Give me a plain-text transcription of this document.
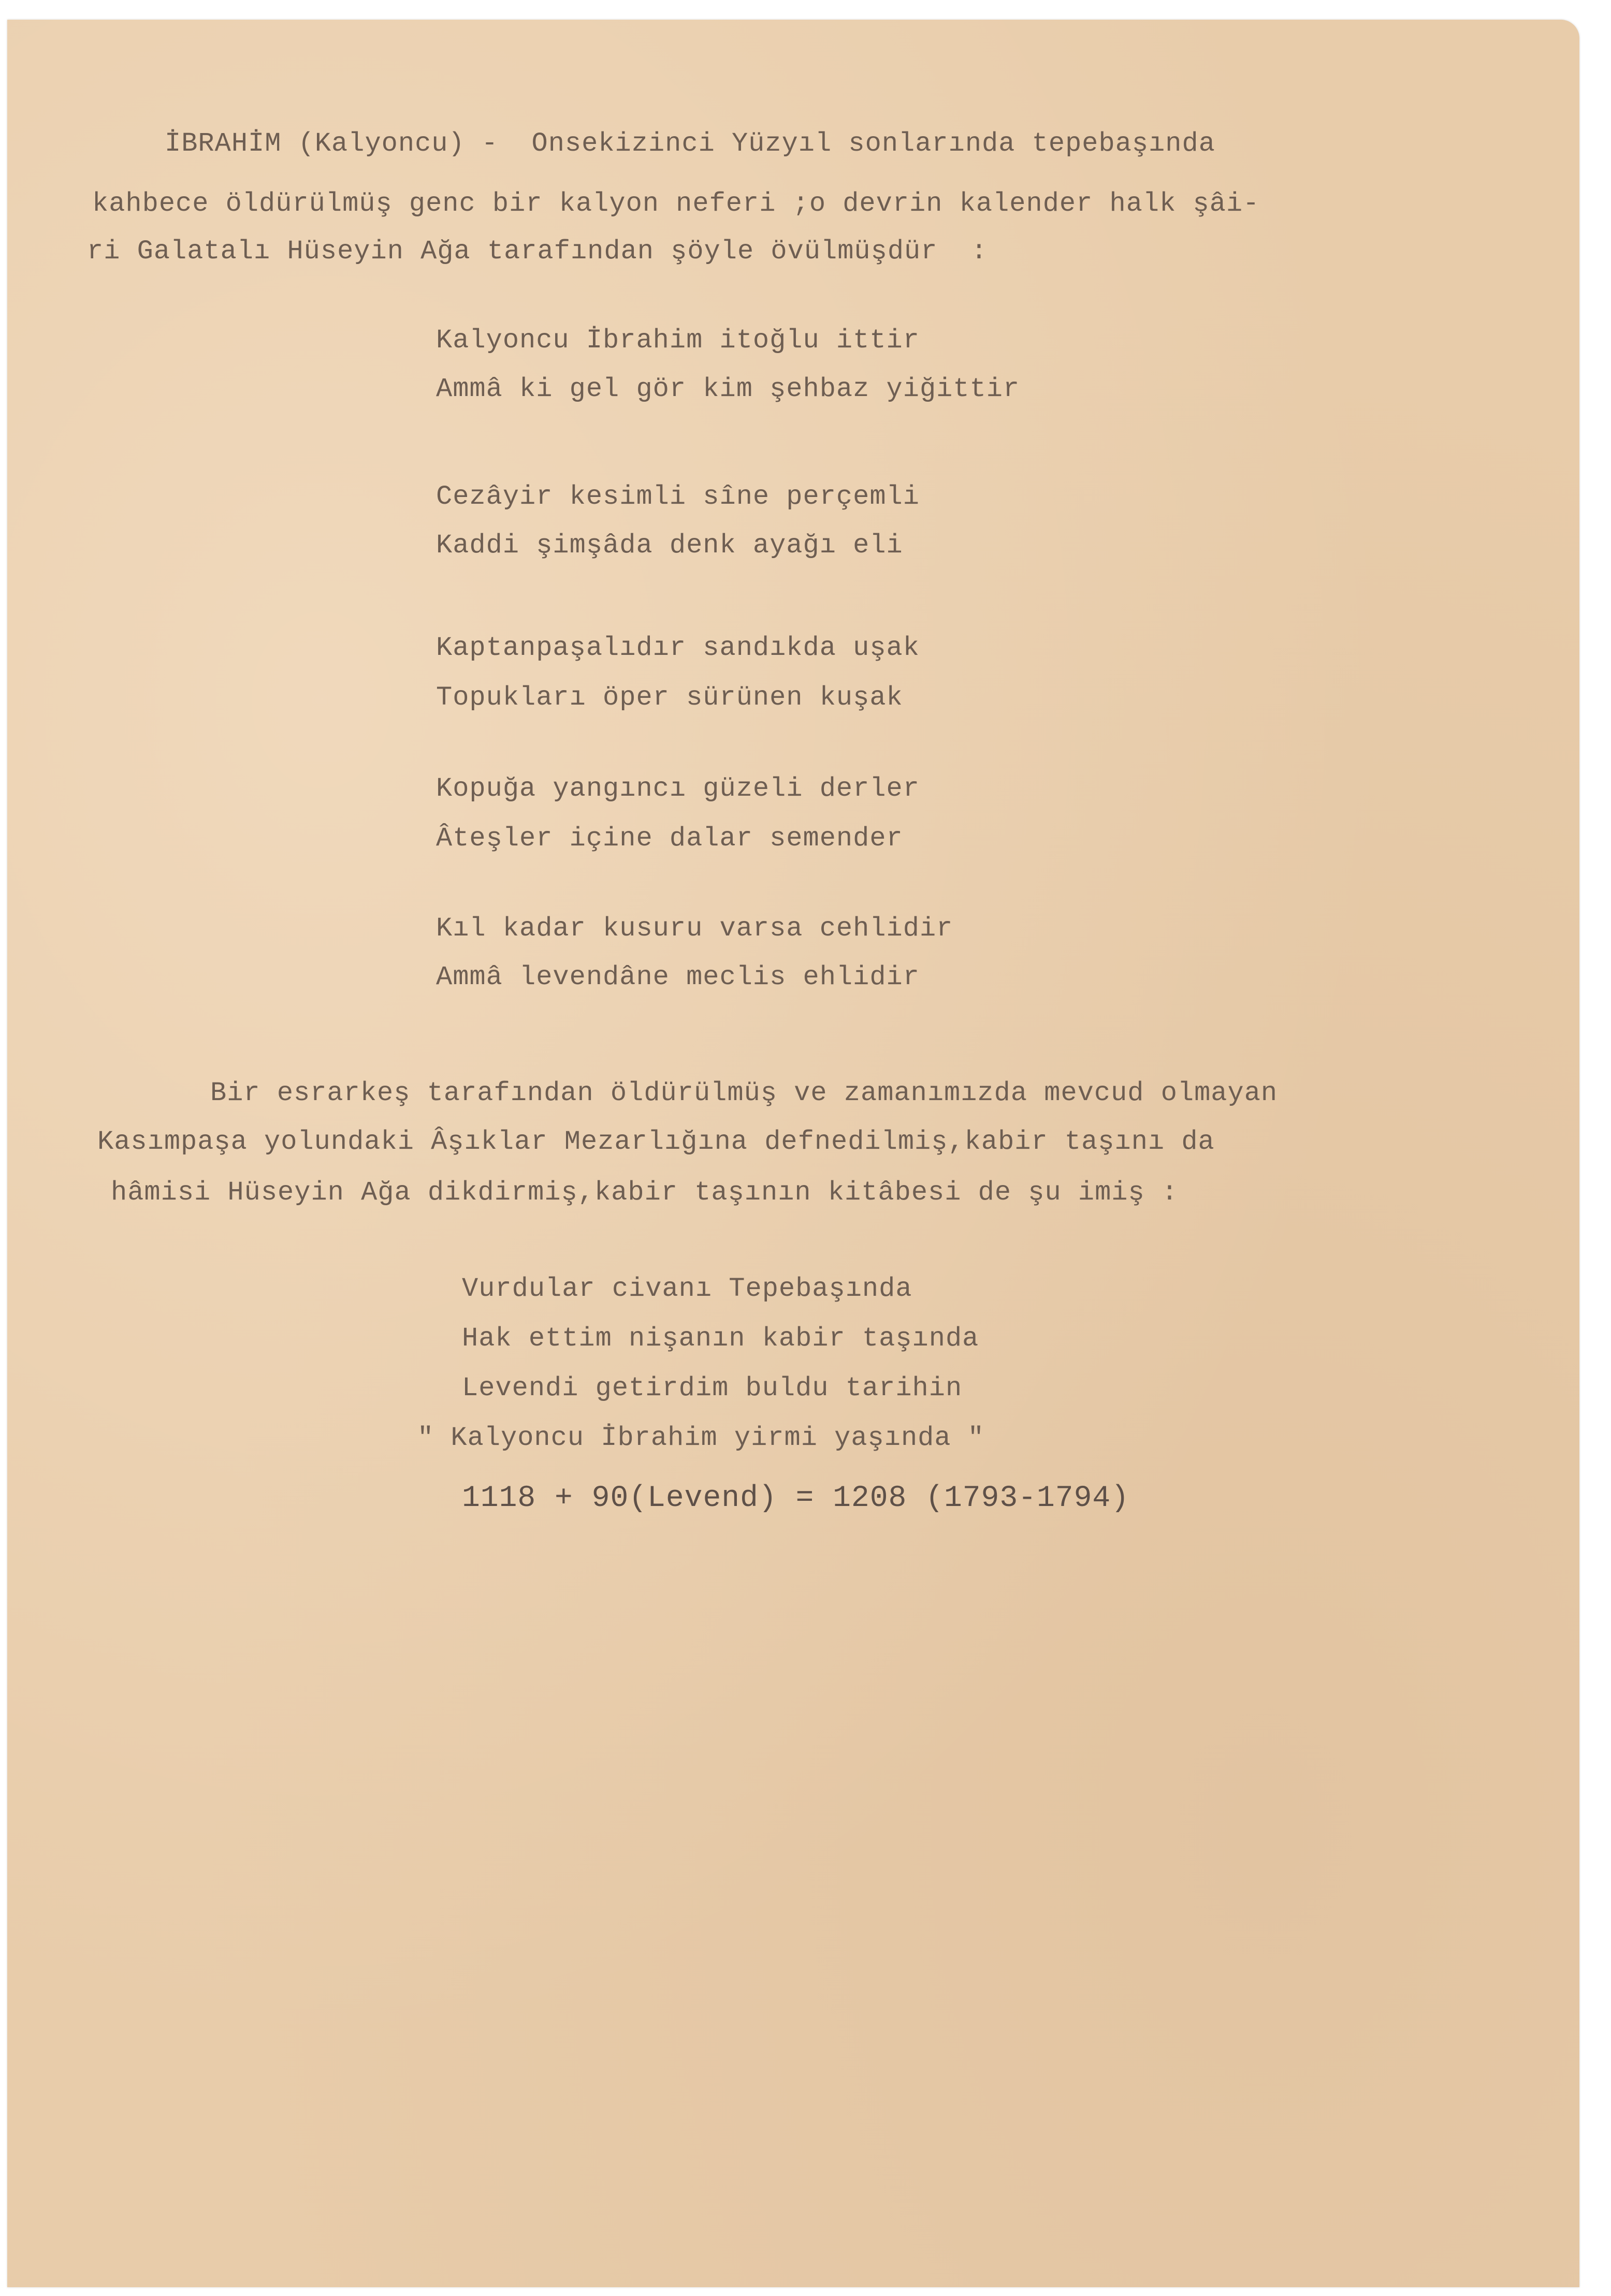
İBRAHİM (Kalyoncu) -  Onsekizinci Yüzyıl sonlarında tepebaşında
kahbece öldürülmüş genc bir kalyon neferi ;o devrin kalender halk şâi-
ri Galatalı Hüseyin Ağa tarafından şöyle övülmüşdür  :
Kalyoncu İbrahim itoğlu ittir
Ammâ ki gel gör kim şehbaz yiğittir
Cezâyir kesimli sîne perçemli
Kaddi şimşâda denk ayağı eli
Kaptanpaşalıdır sandıkda uşak
Topukları öper sürünen kuşak
Kopuğa yangıncı güzeli derler
Âteşler içine dalar semender
Kıl kadar kusuru varsa cehlidir
Ammâ levendâne meclis ehlidir
Bir esrarkeş tarafından öldürülmüş ve zamanımızda mevcud olmayan
Kasımpaşa yolundaki Âşıklar Mezarlığına defnedilmiş,kabir taşını da
hâmisi Hüseyin Ağa dikdirmiş,kabir taşının kitâbesi de şu imiş :
Vurdular civanı Tepebaşında
Hak ettim nişanın kabir taşında
Levendi getirdim buldu tarihin
" Kalyoncu İbrahim yirmi yaşında "
1118 + 90(Levend) = 1208 (1793-1794)
